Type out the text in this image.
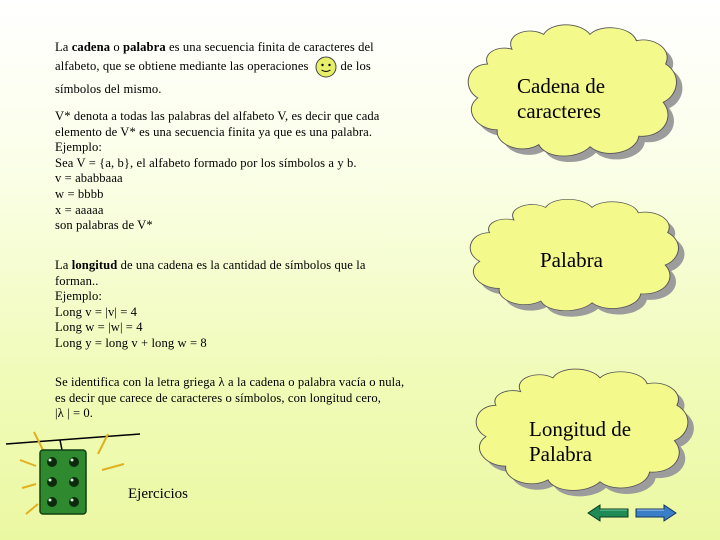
Cadena de
caracteres
Palabra
Longitud de
Palabra
La cadena o palabra es una secuencia finita de caracteres del
alfabeto, que se obtiene mediante las operaciones	de los
símbolos del mismo.
V* denota a todas las palabras del alfabeto V, es decir que cada
elemento de V* es una secuencia finita ya que es una palabra.
Ejemplo:
Sea V = {a, b}, el alfabeto formado por los símbolos a y b.
v = ababbaaa
w = bbbb
x = aaaaa
son palabras de V*
La longitud de una cadena es la cantidad de símbolos que la
forman..
Ejemplo:
Long v = |v| = 4
Long w = |w| = 4
Long y = long v + long w = 8
Se identifica con la letra griega λ a la cadena o palabra vacía o nula,
es decir que carece de caracteres o símbolos, con longitud cero,
|λ | = 0.
Ejercicios
